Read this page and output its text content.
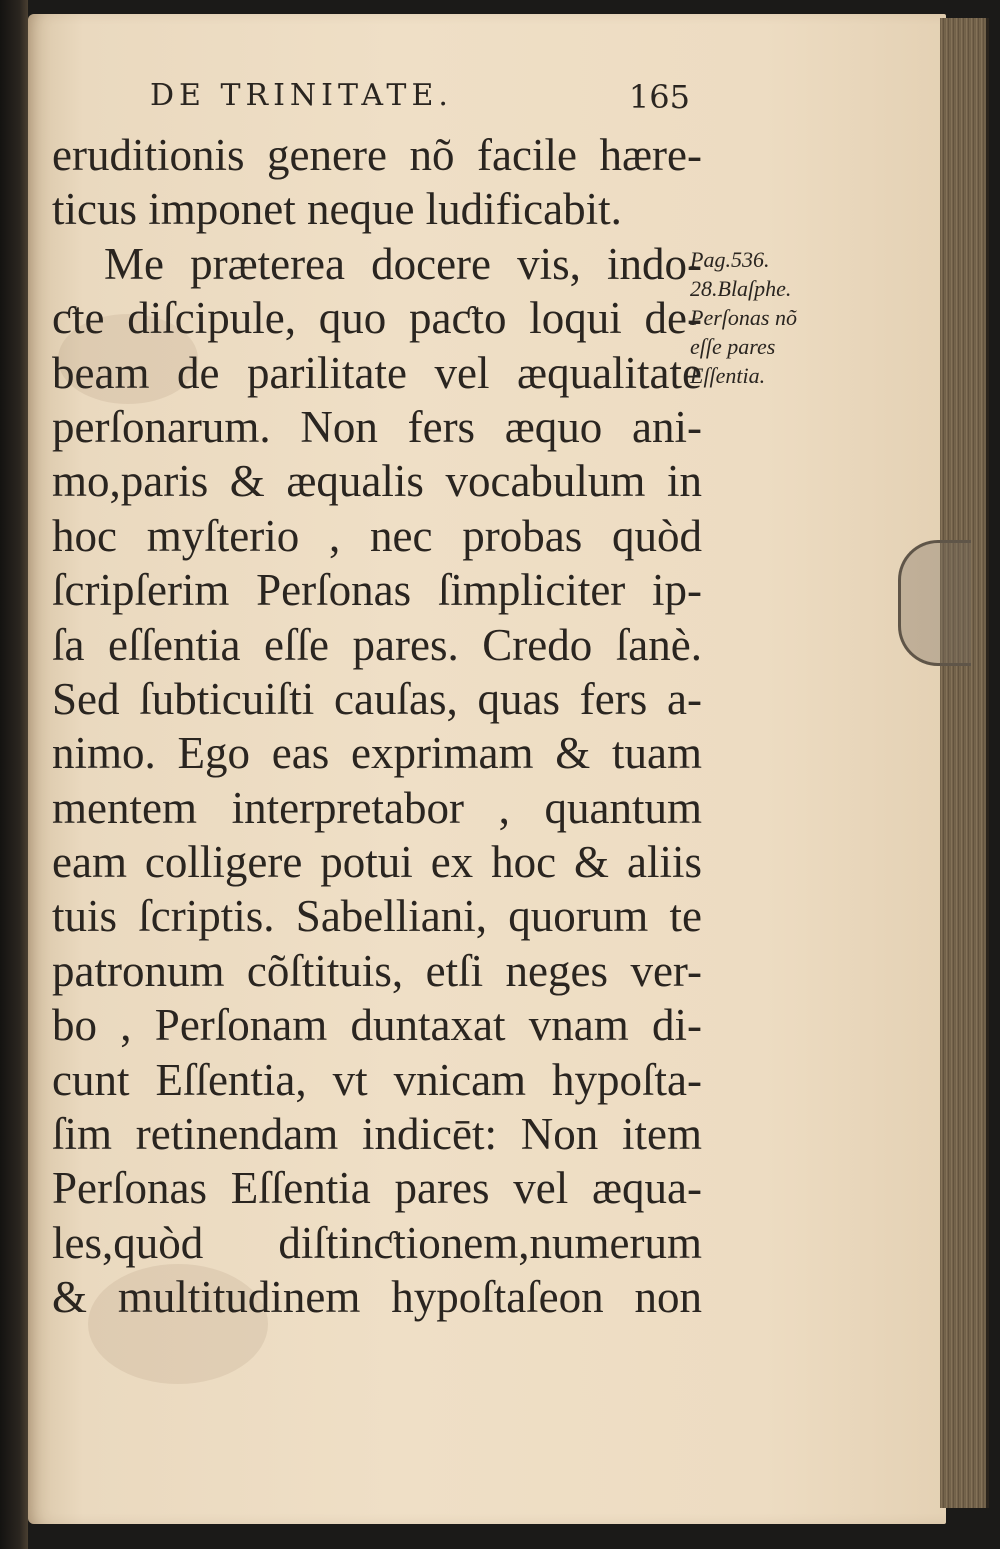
DE TRINITATE.	165
eruditionis genere nõ facile hære-
ticus imponet neque ludificabit.
Me præterea docere vis, indo-
ƈte diſcipule, quo paƈto loqui de-
beam de parilitate vel æqualitate
perſonarum. Non fers æquo ani-
mo,paris & æqualis vocabulum in
hoc myſterio , nec probas quòd
ſcripſerim Perſonas ſimpliciter ip-
ſa eſſentia eſſe pares. Credo ſanè.
Sed ſubticuiſti cauſas, quas fers a-
nimo. Ego eas exprimam & tuam
mentem interpretabor , quantum
eam colligere potui ex hoc & aliis
tuis ſcriptis. Sabelliani, quorum te
patronum cõſtituis, etſi neges ver-
bo , Perſonam duntaxat vnam di-
cunt Eſſentia, vt vnicam hypoſta-
ſim retinendam indicēt: Non item
Perſonas Eſſentia pares vel æqua-
les,quòd diſtinƈtionem,numerum
& multitudinem hypoſtaſeon non
Pag.536.
28.Blaſphe.
Perſonas nõ
eſſe pares
Eſſentia.
